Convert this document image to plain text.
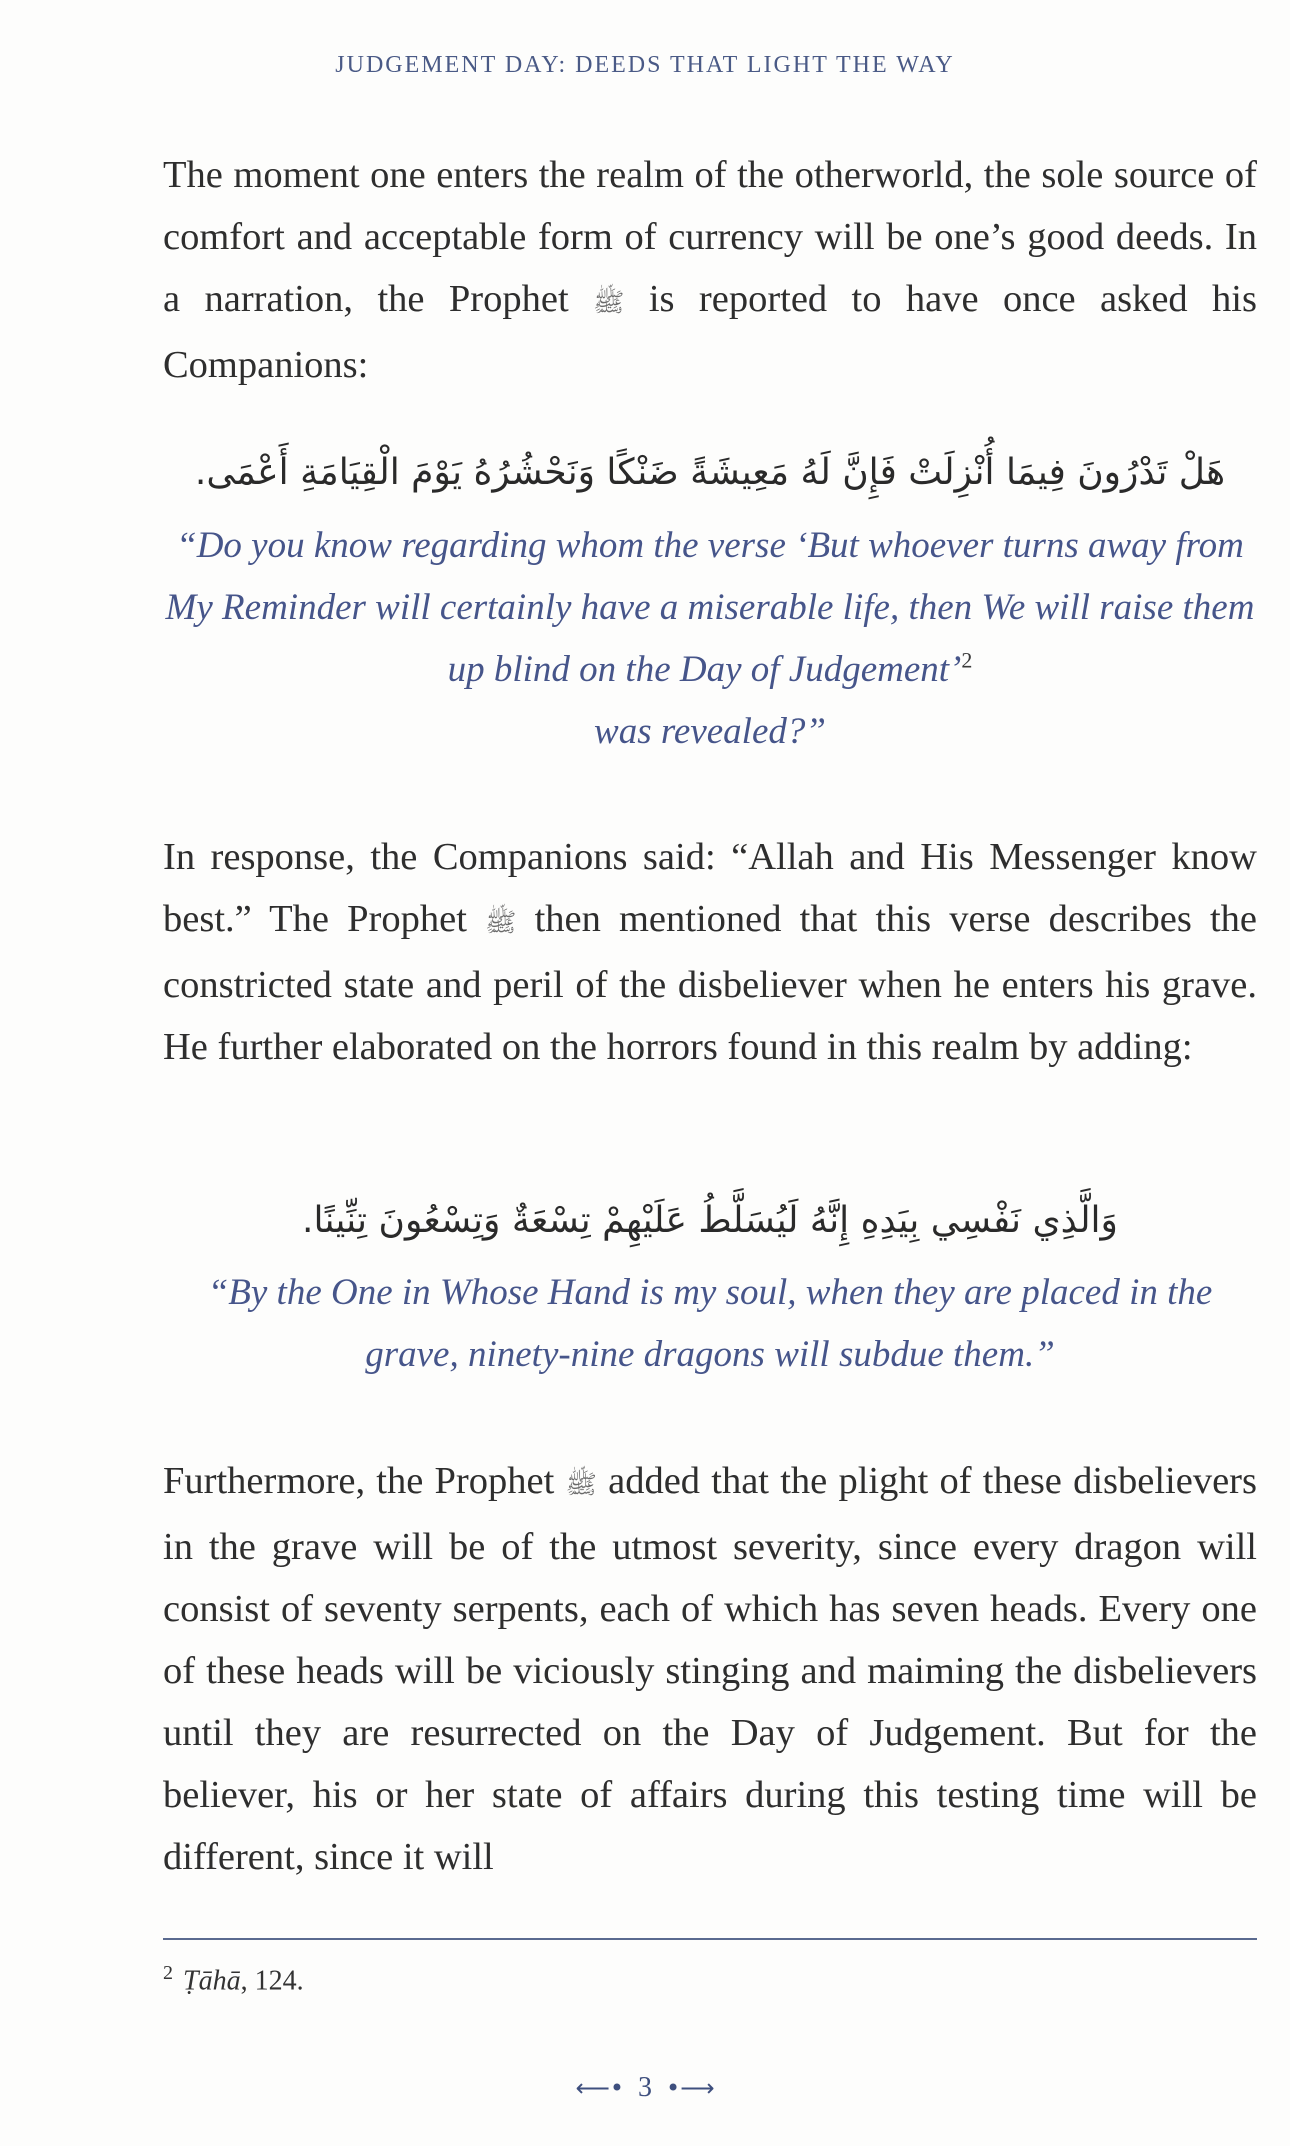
JUDGEMENT DAY: DEEDS THAT LIGHT THE WAY

The moment one enters the realm of the otherworld, the sole source of comfort and acceptable form of currency will be one’s good deeds. In a narration, the Prophet ﷺ is reported to have once asked his Companions:

هَلْ تَدْرُونَ فِيمَا أُنْزِلَتْ فَإِنَّ لَهُ مَعِيشَةً ضَنْكًا وَنَحْشُرُهُ يَوْمَ الْقِيَامَةِ أَعْمَى.

“Do you know regarding whom the verse ‘But whoever turns away from My Reminder will certainly have a miserable life, then We will raise them up blind on the Day of Judgement’$^2$
was revealed?”

In response, the Companions said: “Allah and His Messenger know best.” The Prophet ﷺ then mentioned that this verse describes the constricted state and peril of the disbeliever when he enters his grave. He further elaborated on the horrors found in this realm by adding:

وَالَّذِي نَفْسِي بِيَدِهِ إِنَّهُ لَيُسَلَّطُ عَلَيْهِمْ تِسْعَةٌ وَتِسْعُونَ تِنِّينًا.

“By the One in Whose Hand is my soul, when they are placed in the grave, ninety-nine dragons will subdue them.”

Furthermore, the Prophet ﷺ added that the plight of these disbelievers in the grave will be of the utmost severity, since every dragon will consist of seventy serpents, each of which has seven heads. Every one of these heads will be viciously stinging and maiming the disbelievers until they are resurrected on the Day of Judgement. But for the believer, his or her state of affairs during this testing time will be different, since it will

$^2$ Ṭāhā, 124.
⟵• 3 •⟶
